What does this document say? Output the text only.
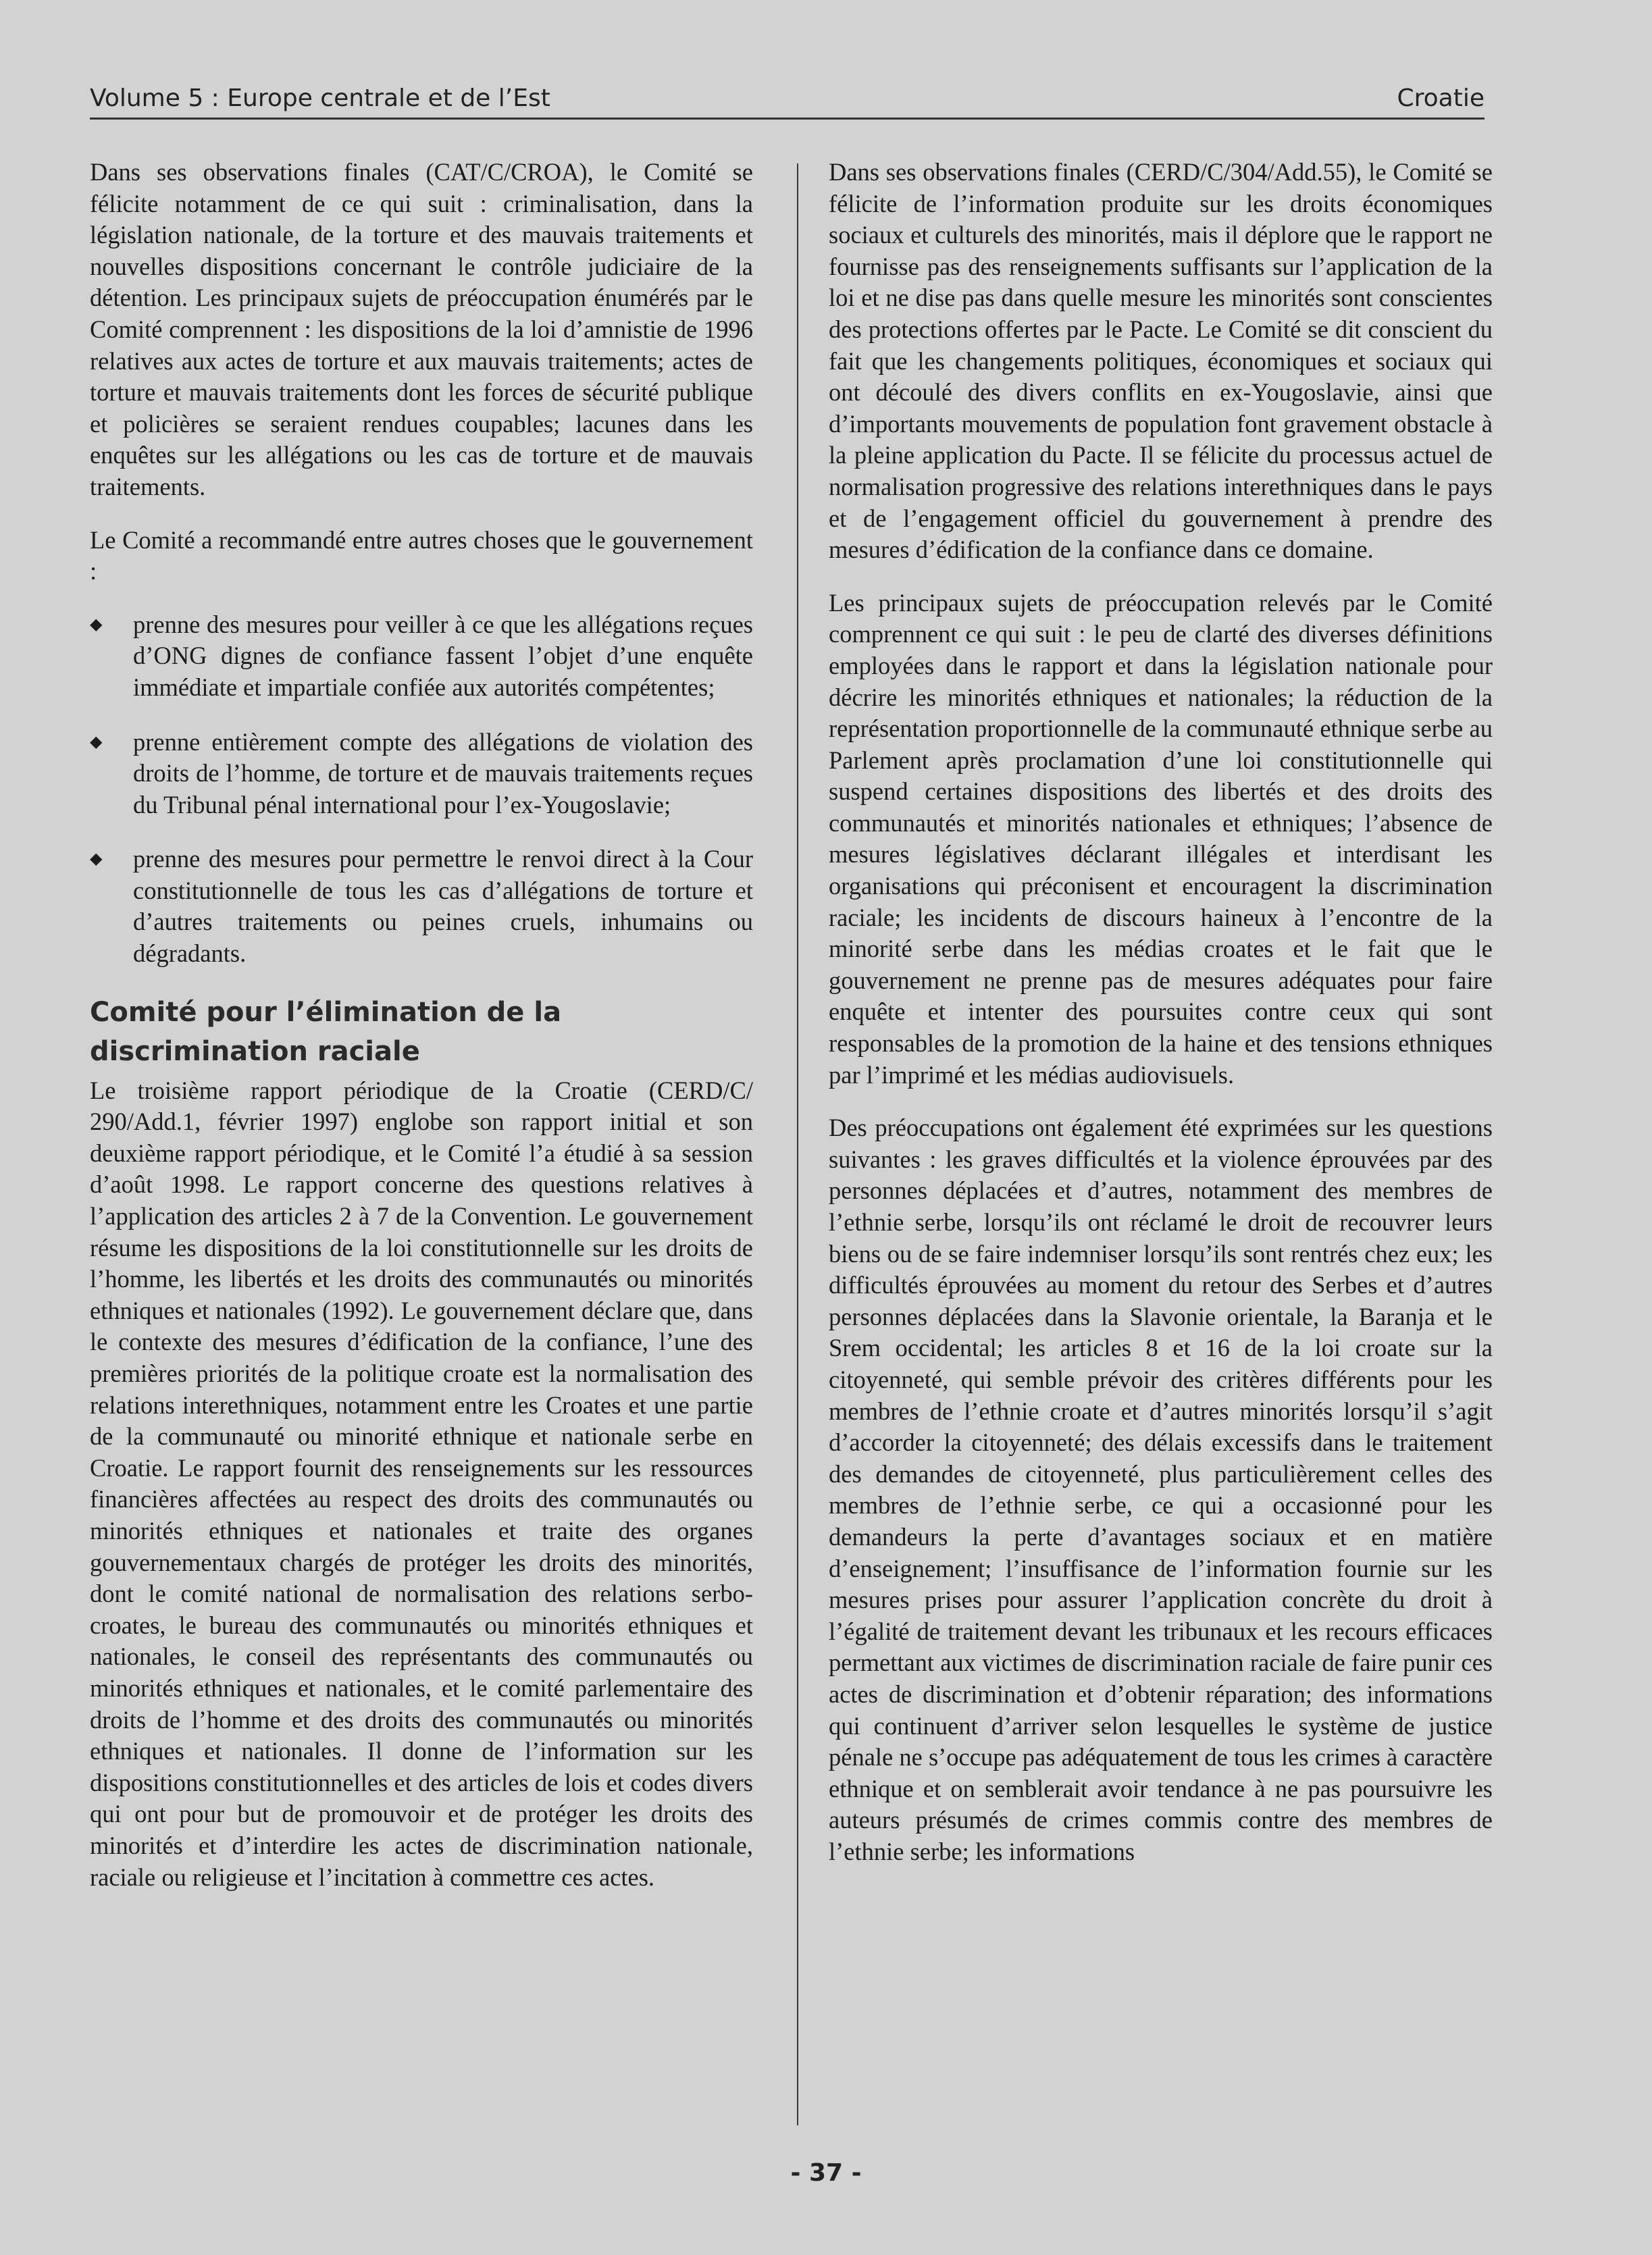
Volume 5 : Europe centrale et de l’Est	Croatie

Dans ses observations finales (CAT/C/CROA), le Comité se félicite notamment de ce qui suit : criminalisation, dans la législation nationale, de la torture et des mauvais traitements et nouvelles dispositions concernant le contrôle judiciaire de la détention. Les principaux sujets de préoccupation énumérés par le Comité comprennent : les dispositions de la loi d’amnistie de 1996 relatives aux actes de torture et aux mauvais traitements; actes de torture et mauvais traitements dont les forces de sécurité publique et policières se seraient rendues coupables; lacunes dans les enquêtes sur les allégations ou les cas de torture et de mauvais traitements.

Le Comité a recommandé entre autres choses que le gouvernement :

◆	prenne des mesures pour veiller à ce que les allégations reçues d’ONG dignes de confiance fassent l’objet d’une enquête immédiate et impartiale confiée aux autorités compétentes;
◆	prenne entièrement compte des allégations de violation des droits de l’homme, de torture et de mauvais traitements reçues du Tribunal pénal international pour l’ex-Yougoslavie;
◆	prenne des mesures pour permettre le renvoi direct à la Cour constitutionnelle de tous les cas d’allégations de torture et d’autres traitements ou peines cruels, inhumains ou dégradants.
Comité pour l’élimination de la discrimination raciale

Le troisième rapport périodique de la Croatie (CERD/C/ 290/Add.1, février 1997) englobe son rapport initial et son deuxième rapport périodique, et le Comité l’a étudié à sa session d’août 1998. Le rapport concerne des questions relatives à l’application des articles 2 à 7 de la Convention. Le gouvernement résume les dispositions de la loi constitutionnelle sur les droits de l’homme, les libertés et les droits des communautés ou minorités ethniques et nationales (1992). Le gouvernement déclare que, dans le contexte des mesures d’édification de la confiance, l’une des premières priorités de la politique croate est la normalisation des relations interethniques, notamment entre les Croates et une partie de la communauté ou minorité ethnique et nationale serbe en Croatie. Le rapport fournit des renseignements sur les ressources financières affectées au respect des droits des communautés ou minorités ethniques et nationales et traite des organes gouvernementaux chargés de protéger les droits des minorités, dont le comité national de normalisation des relations serbo-croates, le bureau des communautés ou minorités ethniques et nationales, le conseil des représentants des communautés ou minorités ethniques et nationales, et le comité parlementaire des droits de l’homme et des droits des communautés ou minorités ethniques et nationales. Il donne de l’information sur les dispositions constitutionnelles et des articles de lois et codes divers qui ont pour but de promouvoir et de protéger les droits des minorités et d’interdire les actes de discrimination nationale, raciale ou religieuse et l’incitation à commettre ces actes.

Dans ses observations finales (CERD/C/304/Add.55), le Comité se félicite de l’information produite sur les droits économiques sociaux et culturels des minorités, mais il déplore que le rapport ne fournisse pas des renseignements suffisants sur l’application de la loi et ne dise pas dans quelle mesure les minorités sont conscientes des protections offertes par le Pacte. Le Comité se dit conscient du fait que les changements politiques, économiques et sociaux qui ont découlé des divers conflits en ex-Yougoslavie, ainsi que d’importants mouvements de population font gravement obstacle à la pleine application du Pacte. Il se félicite du processus actuel de normalisation progressive des relations interethniques dans le pays et de l’engagement officiel du gouvernement à prendre des mesures d’édification de la confiance dans ce domaine.

Les principaux sujets de préoccupation relevés par le Comité comprennent ce qui suit : le peu de clarté des diverses définitions employées dans le rapport et dans la législation nationale pour décrire les minorités ethniques et nationales; la réduction de la représentation proportionnelle de la communauté ethnique serbe au Parlement après proclamation d’une loi constitutionnelle qui suspend certaines dispositions des libertés et des droits des communautés et minorités nationales et ethniques; l’absence de mesures législatives déclarant illégales et interdisant les organisations qui préconisent et encouragent la discrimination raciale; les incidents de discours haineux à l’encontre de la minorité serbe dans les médias croates et le fait que le gouvernement ne prenne pas de mesures adéquates pour faire enquête et intenter des poursuites contre ceux qui sont responsables de la promotion de la haine et des tensions ethniques par l’imprimé et les médias audiovisuels.

Des préoccupations ont également été exprimées sur les questions suivantes : les graves difficultés et la violence éprouvées par des personnes déplacées et d’autres, notamment des membres de l’ethnie serbe, lorsqu’ils ont réclamé le droit de recouvrer leurs biens ou de se faire indemniser lorsqu’ils sont rentrés chez eux; les difficultés éprouvées au moment du retour des Serbes et d’autres personnes déplacées dans la Slavonie orientale, la Baranja et le Srem occidental; les articles 8 et 16 de la loi croate sur la citoyenneté, qui semble prévoir des critères différents pour les membres de l’ethnie croate et d’autres minorités lorsqu’il s’agit d’accorder la citoyenneté; des délais excessifs dans le traitement des demandes de citoyenneté, plus particulièrement celles des membres de l’ethnie serbe, ce qui a occasionné pour les demandeurs la perte d’avantages sociaux et en matière d’enseignement; l’insuffisance de l’information fournie sur les mesures prises pour assurer l’application concrète du droit à l’égalité de traitement devant les tribunaux et les recours efficaces permettant aux victimes de discrimination raciale de faire punir ces actes de discrimination et d’obtenir réparation; des informations qui continuent d’arriver selon lesquelles le système de justice pénale ne s’occupe pas adéquatement de tous les crimes à caractère ethnique et on semblerait avoir tendance à ne pas poursuivre les auteurs présumés de crimes commis contre des membres de l’ethnie serbe; les informations

- 37 -
